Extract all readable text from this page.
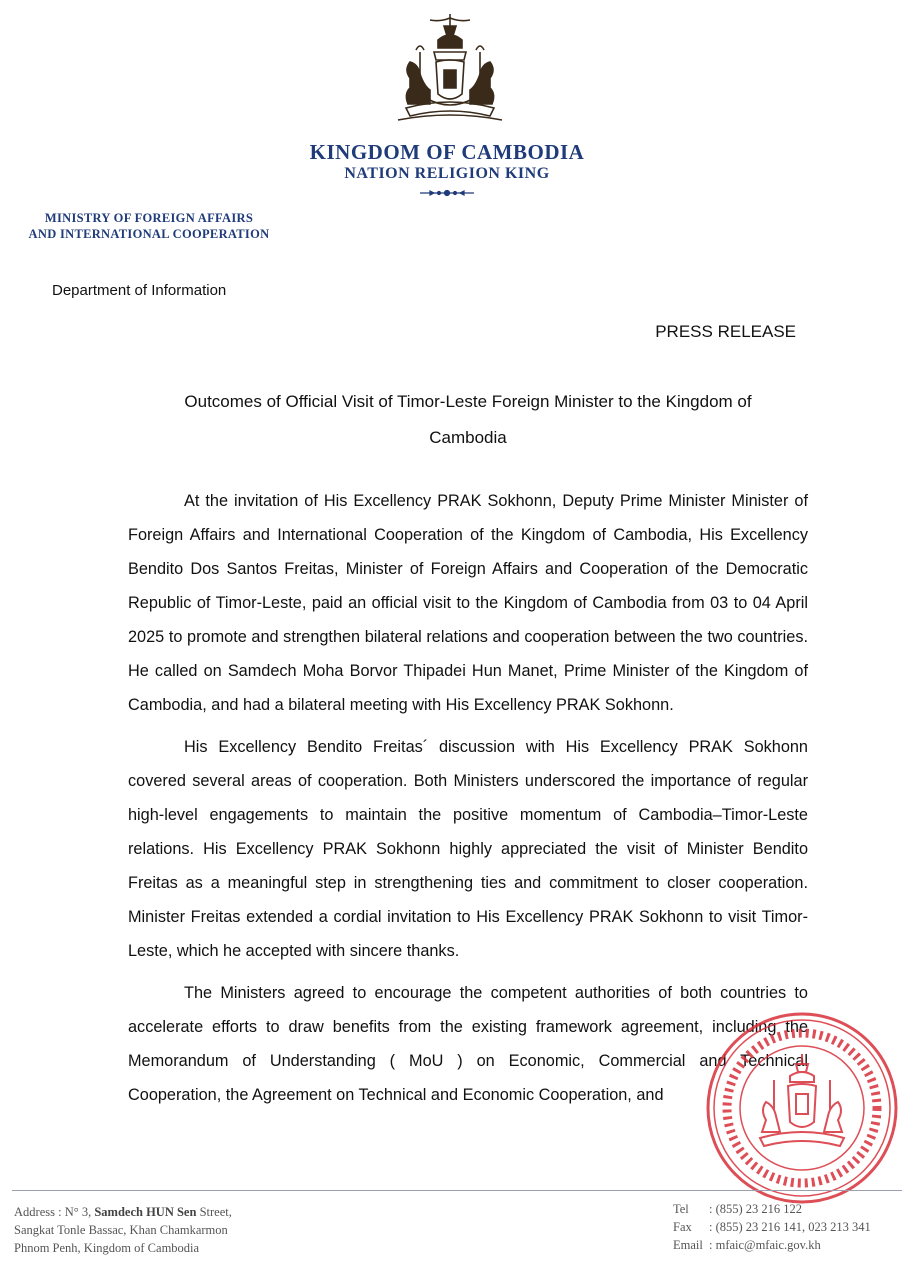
KINGDOM OF CAMBODIA
NATION RELIGION KING
MINISTRY OF FOREIGN AFFAIRS
AND INTERNATIONAL COOPERATION
Department of Information
PRESS RELEASE
Outcomes of Official Visit of Timor-Leste Foreign Minister to the Kingdom of
Cambodia

At the invitation of His Excellency PRAK Sokhonn, Deputy Prime Minister Minister of Foreign Affairs and International Cooperation of the Kingdom of Cambodia, His Excellency Bendito Dos Santos Freitas, Minister of Foreign Affairs and Cooperation of the Democratic Republic of Timor-Leste, paid an official visit to the Kingdom of Cambodia from 03 to 04 April 2025 to promote and strengthen bilateral relations and cooperation between the two countries. He called on Samdech Moha Borvor Thipadei Hun Manet, Prime Minister of the Kingdom of Cambodia, and had a bilateral meeting with His Excellency PRAK Sokhonn.

His Excellency Bendito Freitas´ discussion with His Excellency PRAK Sokhonn covered several areas of cooperation. Both Ministers underscored the importance of regular high-level engagements to maintain the positive momentum of Cambodia–Timor-Leste relations. His Excellency PRAK Sokhonn highly appreciated the visit of Minister Bendito Freitas as a meaningful step in strengthening ties and commitment to closer cooperation. Minister Freitas extended a cordial invitation to His Excellency PRAK Sokhonn to visit Timor-Leste, which he accepted with sincere thanks.

The Ministers agreed to encourage the competent authorities of both countries to accelerate efforts to draw benefits from the existing framework agreement, including the Memorandum of Understanding ( MoU ) on Economic, Commercial and Technical Cooperation, the Agreement on Technical and Economic Cooperation, and

Address : N° 3, Samdech HUN Sen Street,
Sangkat Tonle Bassac, Khan Chamkarmon
Phnom Penh, Kingdom of Cambodia
Tel : (855) 23 216 122
Fax : (855) 23 216 141, 023 213 341
Email : mfaic@mfaic.gov.kh
